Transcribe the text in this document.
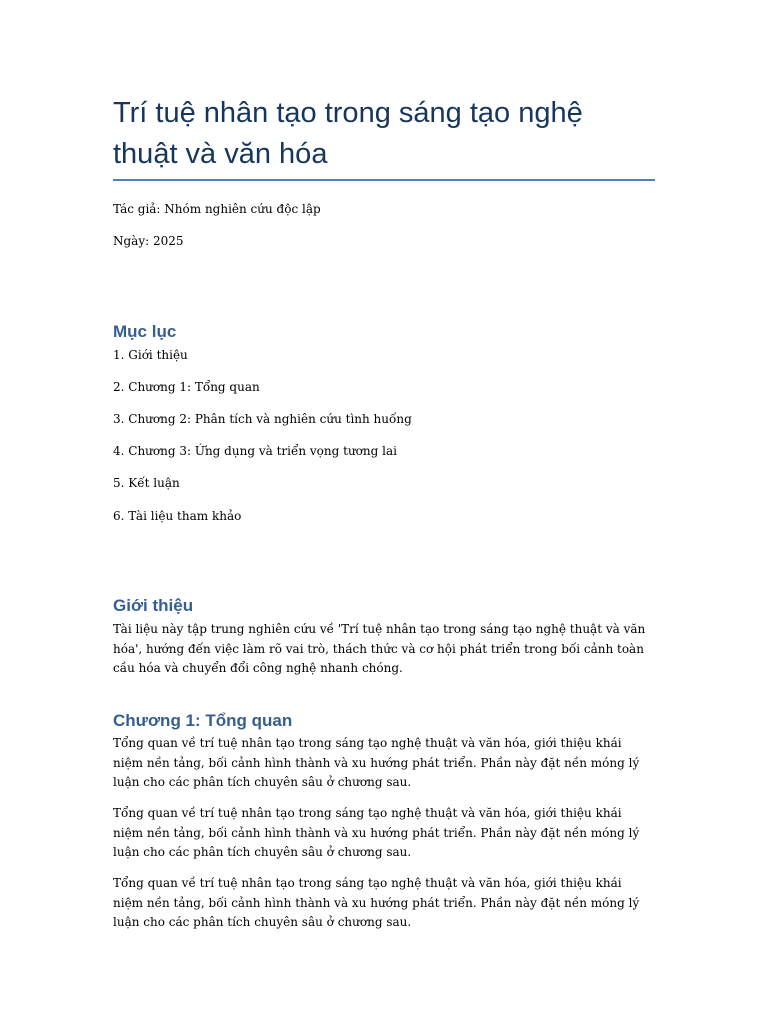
Trí tuệ nhân tạo trong sáng tạo nghệ thuật và văn hóa

Tác giả: Nhóm nghiên cứu độc lập

Ngày: 2025

Mục lục

1. Giới thiệu

2. Chương 1: Tổng quan

3. Chương 2: Phân tích và nghiên cứu tình huống

4. Chương 3: Ứng dụng và triển vọng tương lai

5. Kết luận

6. Tài liệu tham khảo

Giới thiệu

Tài liệu này tập trung nghiên cứu về 'Trí tuệ nhân tạo trong sáng tạo nghệ thuật và văn hóa', hướng đến việc làm rõ vai trò, thách thức và cơ hội phát triển trong bối cảnh toàn cầu hóa và chuyển đổi công nghệ nhanh chóng.

Chương 1: Tổng quan

Tổng quan về trí tuệ nhân tạo trong sáng tạo nghệ thuật và văn hóa, giới thiệu khái niệm nền tảng, bối cảnh hình thành và xu hướng phát triển. Phần này đặt nền móng lý luận cho các phân tích chuyên sâu ở chương sau.

Tổng quan về trí tuệ nhân tạo trong sáng tạo nghệ thuật và văn hóa, giới thiệu khái niệm nền tảng, bối cảnh hình thành và xu hướng phát triển. Phần này đặt nền móng lý luận cho các phân tích chuyên sâu ở chương sau.

Tổng quan về trí tuệ nhân tạo trong sáng tạo nghệ thuật và văn hóa, giới thiệu khái niệm nền tảng, bối cảnh hình thành và xu hướng phát triển. Phần này đặt nền móng lý luận cho các phân tích chuyên sâu ở chương sau.
